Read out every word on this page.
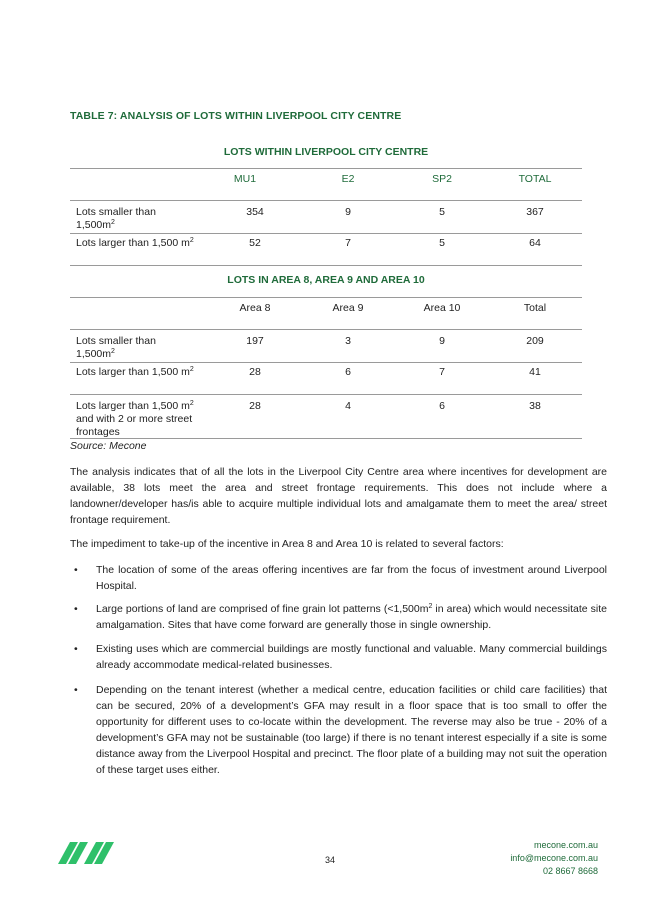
TABLE 7: ANALYSIS OF LOTS WITHIN LIVERPOOL CITY CENTRE
LOTS WITHIN LIVERPOOL CITY CENTRE
MU1	E2	SP2	TOTAL
Lots smaller than
$1,500m^2$
354	9	5	367
Lots larger than 1,500 $m^2$	52	7	5	64
LOTS IN AREA 8, AREA 9 AND AREA 10
Area 8	Area 9	Area 10	Total
Lots smaller than
$1,500m^2$
197	3	9	209
Lots larger than 1,500 $m^2$	28	6	7	41
Lots larger than 1,500 $m^2$
and with 2 or more street
frontages
28	4	6	38
Source: Mecone

The analysis indicates that of all the lots in the Liverpool City Centre area where incentives for development are available, 38 lots meet the area and street frontage requirements. This does not include where a landowner/developer has/is able to acquire multiple individual lots and amalgamate them to meet the area/ street frontage requirement.

The impediment to take-up of the incentive in Area 8 and Area 10 is related to several factors:

• The location of some of the areas offering incentives are far from the focus of investment around Liverpool Hospital.

• Large portions of land are comprised of fine grain lot patterns ($<1,500m^2$ in area) which would necessitate site amalgamation. Sites that have come forward are generally those in single ownership.

• Existing uses which are commercial buildings are mostly functional and valuable. Many commercial buildings already accommodate medical-related businesses.

• Depending on the tenant interest (whether a medical centre, education facilities or child care facilities) that can be secured, 20% of a development’s GFA may result in a floor space that is too small to offer the opportunity for different uses to co-locate within the development. The reverse may also be true - 20% of a development’s GFA may not be sustainable (too large) if there is no tenant interest especially if a site is some distance away from the Liverpool Hospital and precinct. The floor plate of a building may not suit the operation of these target uses either.

34
mecone.com.au
info@mecone.com.au
02 8667 8668
